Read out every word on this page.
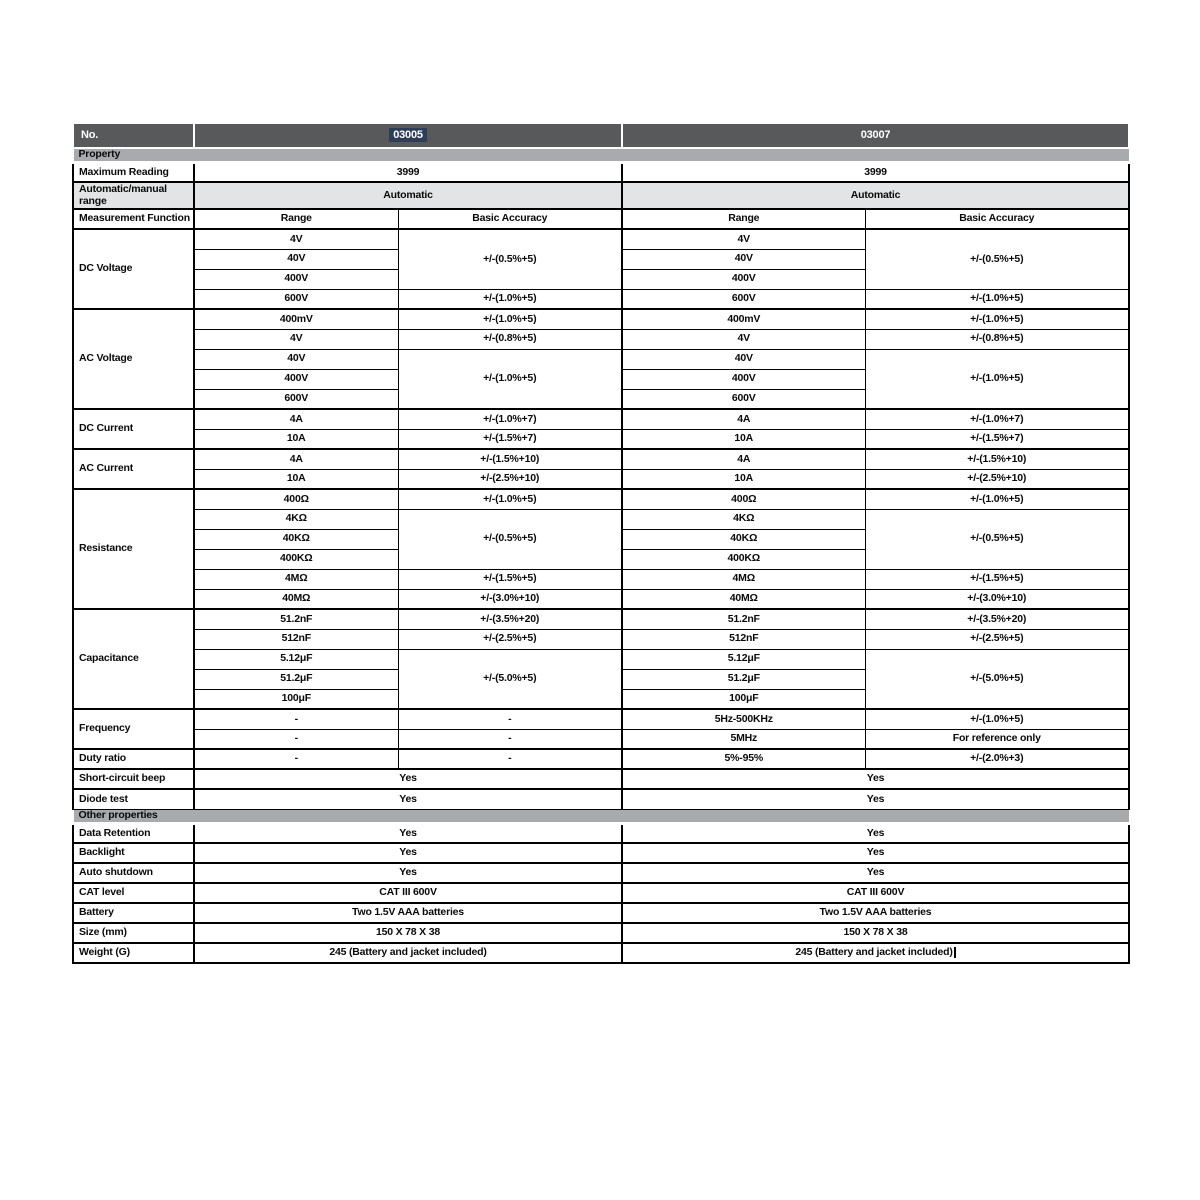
No.	03005		03007	
Property				
Maximum Reading	3999		3999	
Automatic/manual range	Automatic		Automatic	
Measurement Function	Range	Basic Accuracy	Range	Basic Accuracy
DC Voltage	4V	+/-(0.5%+5)	4V	+/-(0.5%+5)
	40V		40V	
	400V		400V	
	600V	+/-(1.0%+5)	600V	+/-(1.0%+5)
AC Voltage	400mV	+/-(1.0%+5)	400mV	+/-(1.0%+5)
	4V	+/-(0.8%+5)	4V	+/-(0.8%+5)
	40V	+/-(1.0%+5)	40V	+/-(1.0%+5)
	400V		400V	
	600V		600V	
DC Current	4A	+/-(1.0%+7)	4A	+/-(1.0%+7)
	10A	+/-(1.5%+7)	10A	+/-(1.5%+7)
AC Current	4A	+/-(1.5%+10)	4A	+/-(1.5%+10)
	10A	+/-(2.5%+10)	10A	+/-(2.5%+10)
Resistance	400Ω	+/-(1.0%+5)	400Ω	+/-(1.0%+5)
	4KΩ	+/-(0.5%+5)	4KΩ	+/-(0.5%+5)
	40KΩ		40KΩ	
	400KΩ		400KΩ	
	4MΩ	+/-(1.5%+5)	4MΩ	+/-(1.5%+5)
	40MΩ	+/-(3.0%+10)	40MΩ	+/-(3.0%+10)
Capacitance	51.2nF	+/-(3.5%+20)	51.2nF	+/-(3.5%+20)
	512nF	+/-(2.5%+5)	512nF	+/-(2.5%+5)
	5.12μF	+/-(5.0%+5)	5.12μF	+/-(5.0%+5)
	51.2μF		51.2μF	
	100μF		100μF	
Frequency	-	-	5Hz-500KHz	+/-(1.0%+5)
	-	-	5MHz	For reference only
Duty ratio	-	-	5%-95%	+/-(2.0%+3)
Short-circuit beep	Yes		Yes	
Diode test	Yes		Yes	
Other properties				
Data Retention	Yes		Yes	
Backlight	Yes		Yes	
Auto shutdown	Yes		Yes	
CAT level	CAT III 600V		CAT III 600V	
Battery	Two 1.5V AAA batteries		Two 1.5V AAA batteries	
Size (mm)	150 X 78 X 38		150 X 78 X 38	
Weight (G)	245 (Battery and jacket included)		245 (Battery and jacket included)	
